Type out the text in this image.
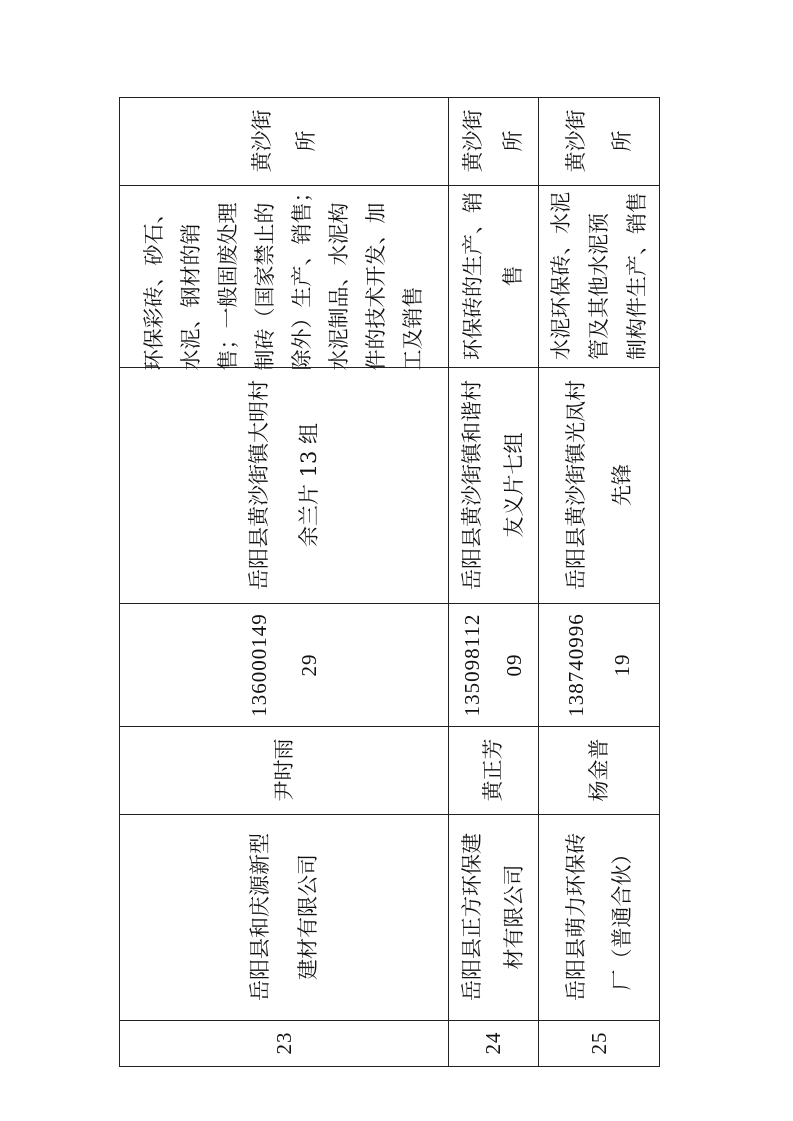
黄沙街
所
环保彩砖、砂石、
水泥、钢材的销
售；一般固废处理
制砖（国家禁止的
除外）生产、销售；
水泥制品、水泥构
件的技术开发、加
工及销售
岳阳县黄沙街镇大明村
余兰片 13 组
136000149
29
尹时雨
岳阳县和庆源新型
建材有限公司
23
黄沙街
所
环保砖的生产、销
售
岳阳县黄沙街镇和谐村
友义片七组
135098112
09
黄正芳
岳阳县正方环保建
材有限公司
24
黄沙街
所
水泥环保砖、水泥
管及其他水泥预
制构件生产、销售
岳阳县黄沙街镇光凤村
先锋
138740996
19
杨金普
岳阳县萌力环保砖
厂（普通合伙）
25
